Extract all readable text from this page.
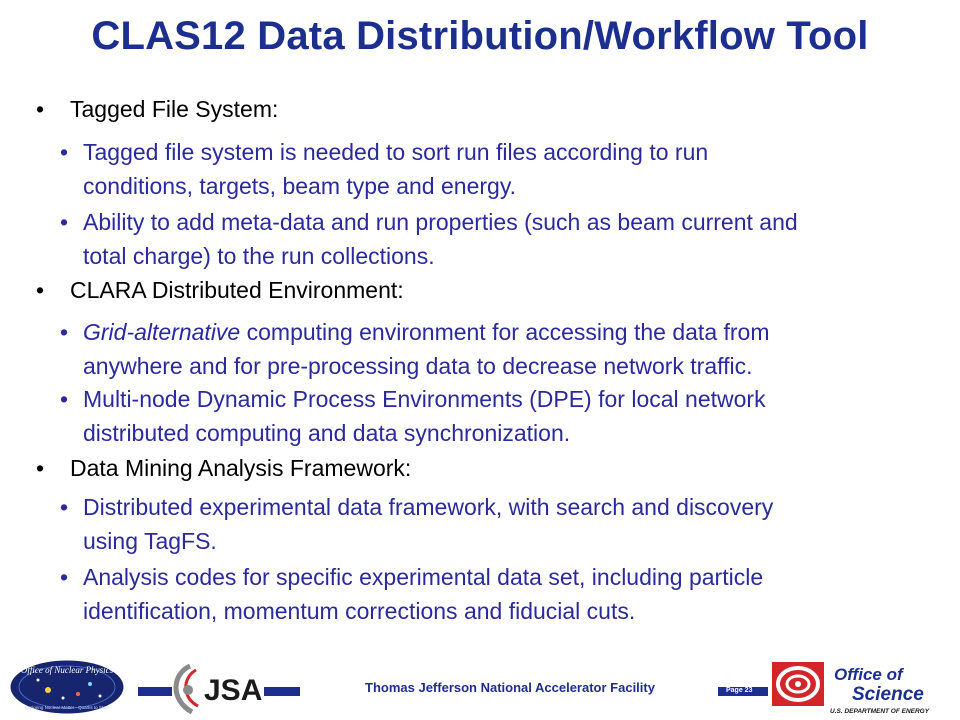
CLAS12 Data Distribution/Workflow Tool
• Tagged File System:
• Tagged file system is needed to sort run files according to run
conditions, targets, beam type and energy.
• Ability to add meta-data and run properties (such as beam current and
total charge) to the run collections.
• CLARA Distributed Environment:
• Grid-alternative computing environment for accessing the data from
anywhere and for pre-processing data to decrease network traffic.
• Multi-node Dynamic Process Environments (DPE) for local network
distributed computing and data synchronization.
• Data Mining Analysis Framework:
• Distributed experimental data framework, with search and discovery
using TagFS.
• Analysis codes for specific experimental data set, including particle
identification, momentum corrections and fiducial cuts.
Office of Nuclear Physics
Exploring Nuclear Matter - Quarks to Stars
JSA	Thomas Jefferson National Accelerator Facility	Page 23
Office of
Science
U.S. DEPARTMENT OF ENERGY
